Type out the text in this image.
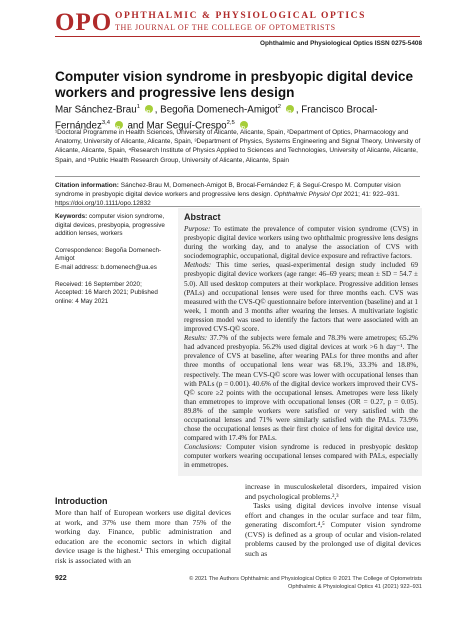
OPO OPHTHALMIC & PHYSIOLOGICAL OPTICS
THE JOURNAL OF THE COLLEGE OF OPTOMETRISTS
Ophthalmic and Physiological Optics ISSN 0275-5408
Computer vision syndrome in presbyopic digital device workers and progressive lens design
Mar Sánchez-Brau$^1$ iD , Begoña Domenech-Amigot$^2$ iD , Francisco Brocal-Fernández$^{3,4}$ iD and Mar Seguí-Crespo$^{2,5}$ iD
¹Doctoral Programme in Health Sciences, University of Alicante, Alicante, Spain, ²Department of Optics, Pharmacology and Anatomy, University of Alicante, Alicante, Spain, ³Department of Physics, Systems Engineering and Signal Theory, University of Alicante, Alicante, Spain, ⁴Research Institute of Physics Applied to Sciences and Technologies, University of Alicante, Alicante, Spain, and ⁵Public Health Research Group, University of Alicante, Alicante, Spain
Citation information: Sánchez-Brau M, Domenech-Amigot B, Brocal-Fernández F, & Seguí-Crespo M. Computer vision syndrome in presbyopic digital device workers and progressive lens design. Ophthalmic Physiol Opt 2021; 41: 922–931. https://doi.org/10.1111/opo.12832

Keywords: computer vision syndrome, digital devices, presbyopia, progressive addition lenses, workers

Correspondence: Begoña Domenech-Amigot
E-mail address: b.domenech@ua.es

Received: 16 September 2020; Accepted: 16 March 2021; Published online: 4 May 2021

Abstract

Purpose: To estimate the prevalence of computer vision syndrome (CVS) in presbyopic digital device workers using two ophthalmic progressive lens designs during the working day, and to analyse the association of CVS with sociodemographic, occupational, digital device exposure and refractive factors.

Methods: This time series, quasi-experimental design study included 69 presbyopic digital device workers (age range: 46–69 years; mean ± SD = 54.7 ± 5.0). All used desktop computers at their workplace. Progressive addition lenses (PALs) and occupational lenses were used for three months each. CVS was measured with the CVS-Q© questionnaire before intervention (baseline) and at 1 week, 1 month and 3 months after wearing the lenses. A multivariate logistic regression model was used to identify the factors that were associated with an improved CVS-Q© score.

Results: 37.7% of the subjects were female and 78.3% were ametropes; 65.2% had advanced presbyopia. 56.2% used digital devices at work >6 h day⁻¹. The prevalence of CVS at baseline, after wearing PALs for three months and after three months of occupational lens wear was 68.1%, 33.3% and 18.8%, respectively. The mean CVS-Q© score was lower with occupational lenses than with PALs (p = 0.001). 40.6% of the digital device workers improved their CVS-Q© score ≥2 points with the occupational lenses. Ametropes were less likely than emmetropes to improve with occupational lenses (OR = 0.27, p = 0.05). 89.8% of the sample workers were satisfied or very satisfied with the occupational lenses and 71% were similarly satisfied with the PALs. 73.9% chose the occupational lenses as their first choice of lens for digital device use, compared with 17.4% for PALs.

Conclusions: Computer vision syndrome is reduced in presbyopic desktop computer workers wearing occupational lenses compared with PALs, especially in emmetropes.

Introduction

More than half of European workers use digital devices at work, and 37% use them more than 75% of the working day. Finance, public administration and education are the economic sectors in which digital device usage is the highest.¹ This emerging occupational risk is associated with an

increase in musculoskeletal disorders, impaired vision and psychological problems.²,³

Tasks using digital devices involve intense visual effort and changes in the ocular surface and tear film, generating discomfort.⁴,⁵ Computer vision syndrome (CVS) is defined as a group of ocular and vision-related problems caused by the prolonged use of digital devices such as

922	© 2021 The Authors Ophthalmic and Physiological Optics © 2021 The College of Optometrists
Ophthalmic & Physiological Optics 41 (2021) 922–931
